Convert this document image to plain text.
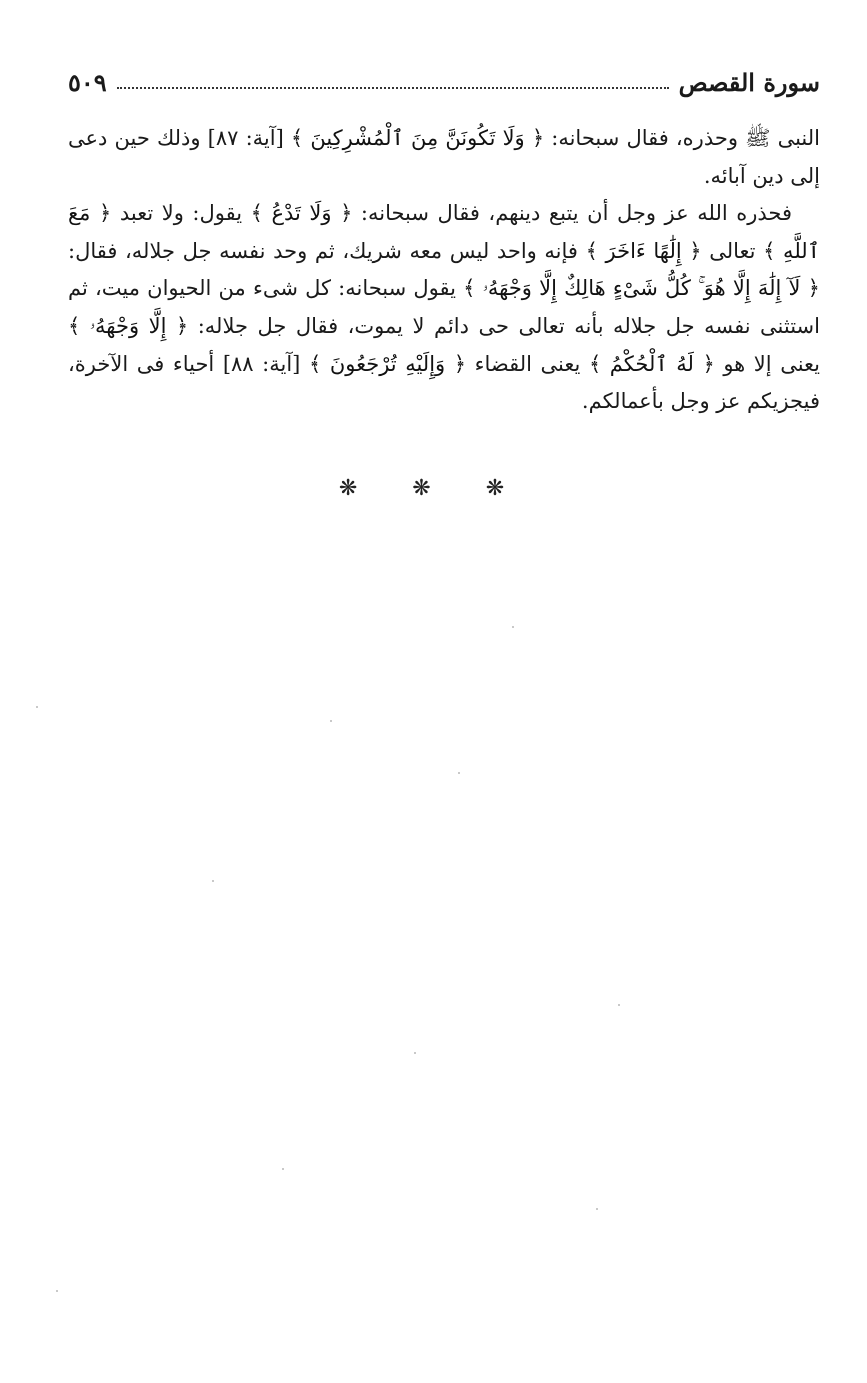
سورة القصص
٥٠٩

النبى ﷺ وحذره، فقال سبحانه: ﴿ وَلَا تَكُونَنَّ مِنَ ٱلْمُشْرِكِينَ ﴾ [آية: ٨٧] وذلك حين دعى إلى دين آبائه.

فحذره الله عز وجل أن يتبع دينهم، فقال سبحانه: ﴿ وَلَا تَدْعُ ﴾ يقول: ولا تعبد ﴿ مَعَ ٱللَّهِ ﴾ تعالى ﴿ إِلَٰهًا ءَاخَرَ ﴾ فإنه واحد ليس معه شريك، ثم وحد نفسه جل جلاله، فقال: ﴿ لَآ إِلَٰهَ إِلَّا هُوَ ۚ كُلُّ شَىْءٍ هَالِكٌ إِلَّا وَجْهَهُۥ ﴾ يقول سبحانه: كل شىء من الحيوان ميت، ثم استثنى نفسه جل جلاله بأنه تعالى حى دائم لا يموت، فقال جل جلاله: ﴿ إِلَّا وَجْهَهُۥ ﴾ يعنى إلا هو ﴿ لَهُ ٱلْحُكْمُ ﴾ يعنى القضاء ﴿ وَإِلَيْهِ تُرْجَعُونَ ﴾ [آية: ٨٨] أحياء فى الآخرة، فيجزيكم عز وجل بأعمالكم.

❋ ❋ ❋
